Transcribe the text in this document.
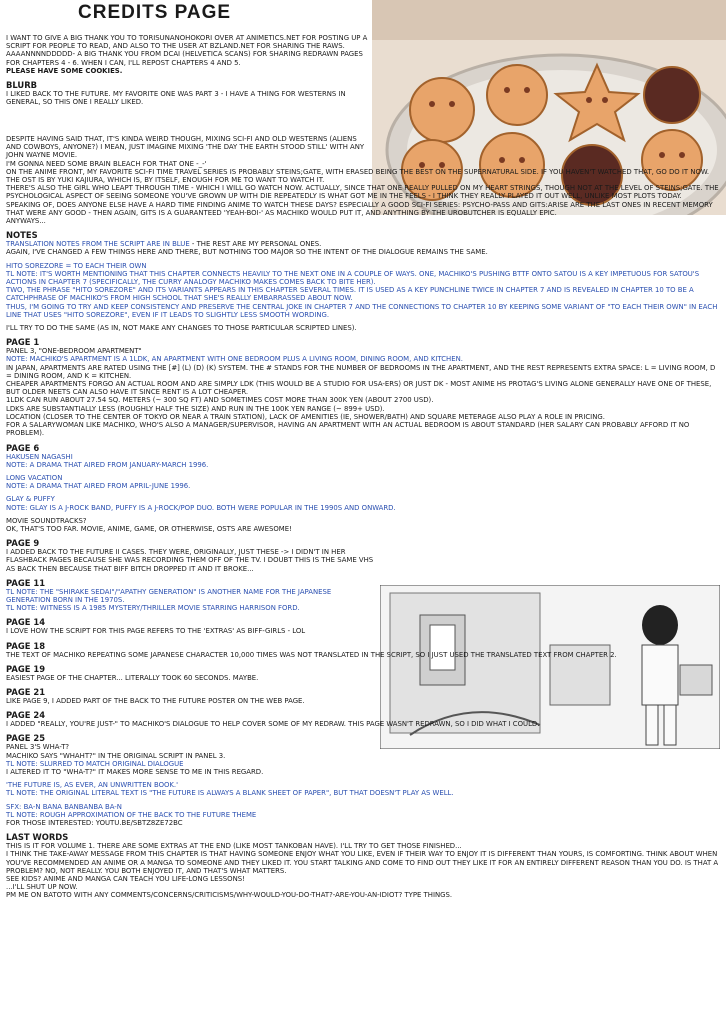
CREDITS PAGE

I WANT TO GIVE A BIG THANK YOU TO TORISUNANOHOKORI OVER AT ANIMETICS.NET FOR POSTING UP A SCRIPT FOR PEOPLE TO READ, AND ALSO TO THE USER AT BZLAND.NET FOR SHARING THE RAWS.

AAAANNNNDDDDD- A BIG THANK YOU FROM DCAI (HELVETICA SCANS) FOR SHARING REDRAWN PAGES FOR CHAPTERS 4 - 6. WHEN I CAN, I'LL REPOST CHAPTERS 4 AND 5.

PLEASE HAVE SOME COOKIES.

BLURB

I LIKED BACK TO THE FUTURE. MY FAVORITE ONE WAS PART 3 - I HAVE A THING FOR WESTERNS IN GENERAL, SO THIS ONE I REALLY LIKED.

DESPITE HAVING SAID THAT, IT'S KINDA WEIRD THOUGH, MIXING SCI-FI AND OLD WESTERNS (ALIENS AND COWBOYS, ANYONE?) I MEAN, JUST IMAGINE MIXING 'THE DAY THE EARTH STOOD STILL' WITH ANY JOHN WAYNE MOVIE.

I'M GONNA NEED SOME BRAIN BLEACH FOR THAT ONE -_-'

ON THE ANIME FRONT, MY FAVORITE SCI-FI TIME TRAVEL SERIES IS PROBABLY STEINS;GATE, WITH ERASED BEING THE BEST ON THE SUPERNATURAL SIDE. IF YOU HAVEN'T WATCHED THAT, GO DO IT NOW. THE OST IS BY YUKI KAJIURA, WHICH IS, BY ITSELF, ENOUGH FOR ME TO WANT TO WATCH IT.

THERE'S ALSO THE GIRL WHO LEAPT THROUGH TIME - WHICH I WILL GO WATCH NOW. ACTUALLY, SINCE THAT ONE REALLY PULLED ON MY HEART STRINGS, THOUGH NOT AT THE LEVEL OF STEINS;GATE. THE PSYCHOLOGICAL ASPECT OF SEEING SOMEONE YOU'VE GROWN UP WITH DIE REPEATEDLY IS WHAT GOT ME IN THE FEELS - I THINK THEY REALLY PLAYED IT OUT WELL, UNLIKE MOST PLOTS TODAY.

SPEAKING OF, DOES ANYONE ELSE HAVE A HARD TIME FINDING ANIME TO WATCH THESE DAYS? ESPECIALLY A GOOD SCI-FI SERIES: PSYCHO-PASS AND GITS:ARISE ARE THE LAST ONES IN RECENT MEMORY THAT WERE ANY GOOD - THEN AGAIN, GITS IS A GUARANTEED 'YEAH-BOI-' AS MACHIKO WOULD PUT IT, AND ANYTHING BY THE UROBUTCHER IS EQUALLY EPIC.

ANYWAYS...

NOTES

TRANSLATION NOTES FROM THE SCRIPT ARE IN BLUE - THE REST ARE MY PERSONAL ONES.

AGAIN, I'VE CHANGED A FEW THINGS HERE AND THERE, BUT NOTHING TOO MAJOR SO THE INTENT OF THE DIALOGUE REMAINS THE SAME.

HITO SOREZORE = TO EACH THEIR OWN

TL NOTE: IT'S WORTH MENTIONING THAT THIS CHAPTER CONNECTS HEAVILY TO THE NEXT ONE IN A COUPLE OF WAYS. ONE, MACHIKO'S PUSHING BTTF ONTO SATOU IS A KEY IMPETUOUS FOR SATOU'S ACTIONS IN CHAPTER 7 (SPECIFICALLY, THE CURRY ANALOGY MACHIKO MAKES COMES BACK TO BITE HER).

TWO, THE PHRASE "HITO SOREZORE" AND ITS VARIANTS APPEARS IN THIS CHAPTER SEVERAL TIMES. IT IS USED AS A KEY PUNCHLINE TWICE IN CHAPTER 7 AND IS REVEALED IN CHAPTER 10 TO BE A CATCHPHRASE OF MACHIKO'S FROM HIGH SCHOOL THAT SHE'S REALLY EMBARRASSED ABOUT NOW.

THUS, I'M GOING TO TRY AND KEEP CONSISTENCY AND PRESERVE THE CENTRAL JOKE IN CHAPTER 7 AND THE CONNECTIONS TO CHAPTER 10 BY KEEPING SOME VARIANT OF "TO EACH THEIR OWN" IN EACH LINE THAT USES "HITO SOREZORE", EVEN IF IT LEADS TO SLIGHTLY LESS SMOOTH WORDING.

I'LL TRY TO DO THE SAME (AS IN, NOT MAKE ANY CHANGES TO THOSE PARTICULAR SCRIPTED LINES).

PAGE 1

PANEL 3, "ONE-BEDROOM APARTMENT"

NOTE: MACHIKO'S APARTMENT IS A 1LDK, AN APARTMENT WITH ONE BEDROOM PLUS A LIVING ROOM, DINING ROOM, AND KITCHEN.

IN JAPAN, APARTMENTS ARE RATED USING THE [#] (L) (D) (K) SYSTEM. THE # STANDS FOR THE NUMBER OF BEDROOMS IN THE APARTMENT, AND THE REST REPRESENTS EXTRA SPACE: L = LIVING ROOM, D = DINING ROOM, AND K = KITCHEN.

CHEAPER APARTMENTS FORGO AN ACTUAL ROOM AND ARE SIMPLY LDK (THIS WOULD BE A STUDIO FOR USA-ERS) OR JUST DK - MOST ANIME HS PROTAG'S LIVING ALONE GENERALLY HAVE ONE OF THESE, BUT OLDER NEETS CAN ALSO HAVE IT SINCE RENT IS A LOT CHEAPER.

1LDK CAN RUN ABOUT 27.54 SQ. METERS (~ 300 SQ FT) AND SOMETIMES COST MORE THAN 300K YEN (ABOUT 2700 USD).

LDKS ARE SUBSTANTIALLY LESS (ROUGHLY HALF THE SIZE) AND RUN IN THE 100K YEN RANGE (~ 899+ USD).

LOCATION (CLOSER TO THE CENTER OF TOKYO OR NEAR A TRAIN STATION), LACK OF AMENITIES (IE, SHOWER/BATH) AND SQUARE METERAGE ALSO PLAY A ROLE IN PRICING.

FOR A SALARYWOMAN LIKE MACHIKO, WHO'S ALSO A MANAGER/SUPERVISOR, HAVING AN APARTMENT WITH AN ACTUAL BEDROOM IS ABOUT STANDARD (HER SALARY CAN PROBABLY AFFORD IT NO PROBLEM).

PAGE 6

HAKUSEN NAGASHI

NOTE: A DRAMA THAT AIRED FROM JANUARY-MARCH 1996.

LONG VACATION

NOTE: A DRAMA THAT AIRED FROM APRIL-JUNE 1996.

GLAY & PUFFY

NOTE: GLAY IS A J-ROCK BAND, PUFFY IS A J-ROCK/POP DUO. BOTH WERE POPULAR IN THE 1990S AND ONWARD.

MOVIE SOUNDTRACKS?

OK, THAT'S TOO FAR. MOVIE, ANIME, GAME, OR OTHERWISE, OSTS ARE AWESOME!

PAGE 9

I ADDED BACK TO THE FUTURE II CASES. THEY WERE, ORIGINALLY, JUST THESE -> I DIDN'T IN HER FLASHBACK PAGES BECAUSE SHE WAS RECORDING THEM OFF OF THE TV. I DOUBT THIS IS THE SAME VHS AS BACK THEN BECAUSE THAT BIFF BITCH DROPPED IT AND IT BROKE...

PAGE 11

TL NOTE: THE "SHIRAKE SEDAI"/"APATHY GENERATION" IS ANOTHER NAME FOR THE JAPANESE GENERATION BORN IN THE 1970S.

TL NOTE: WITNESS IS A 1985 MYSTERY/THRILLER MOVIE STARRING HARRISON FORD.

PAGE 14

I LOVE HOW THE SCRIPT FOR THIS PAGE REFERS TO THE 'EXTRAS' AS BIFF-GIRLS - LOL

PAGE 18

THE TEXT OF MACHIKO REPEATING SOME JAPANESE CHARACTER 10,000 TIMES WAS NOT TRANSLATED IN THE SCRIPT, SO I JUST USED THE TRANSLATED TEXT FROM CHAPTER 2.

PAGE 19

EASIEST PAGE OF THE CHAPTER... LITERALLY TOOK 60 SECONDS. MAYBE.

PAGE 21

LIKE PAGE 9, I ADDED PART OF THE BACK TO THE FUTURE POSTER ON THE WEB PAGE.

PAGE 24

I ADDED "REALLY, YOU'RE JUST-" TO MACHIKO'S DIALOGUE TO HELP COVER SOME OF MY REDRAW. THIS PAGE WASN'T REDRAWN, SO I DID WHAT I COULD.

PAGE 25

PANEL 3'S WHA-T?

MACHIKO SAYS "WHAHT?" IN THE ORIGINAL SCRIPT IN PANEL 3.

TL NOTE: SLURRED TO MATCH ORIGINAL DIALOGUE

I ALTERED IT TO "WHA-T?" IT MAKES MORE SENSE TO ME IN THIS REGARD.

'THE FUTURE IS, AS EVER, AN UNWRITTEN BOOK.'

TL NOTE: THE ORIGINAL LITERAL TEXT IS "THE FUTURE IS ALWAYS A BLANK SHEET OF PAPER", BUT THAT DOESN'T PLAY AS WELL.

SFX: BA-N BANA BANBANBA BA-N

TL NOTE: ROUGH APPROXIMATION OF THE BACK TO THE FUTURE THEME

FOR THOSE INTERESTED: YOUTU.BE/SBTZ8ZE72BC

LAST WORDS

THIS IS IT FOR VOLUME 1. THERE ARE SOME EXTRAS AT THE END (LIKE MOST TANKOBAN HAVE). I'LL TRY TO GET THOSE FINISHED...

I THINK THE TAKE-AWAY MESSAGE FROM THIS CHAPTER IS THAT HAVING SOMEONE ENJOY WHAT YOU LIKE, EVEN IF THEIR WAY TO ENJOY IT IS DIFFERENT THAN YOURS, IS COMFORTING. THINK ABOUT WHEN YOU'VE RECOMMENDED AN ANIME OR A MANGA TO SOMEONE AND THEY LIKED IT. YOU START TALKING AND COME TO FIND OUT THEY LIKE IT FOR AN ENTIRELY DIFFERENT REASON THAN YOU DO. IS THAT A PROBLEM? NO, NOT REALLY. YOU BOTH ENJOYED IT, AND THAT'S WHAT MATTERS.

SEE KIDS? ANIME AND MANGA CAN TEACH YOU LIFE-LONG LESSONS!

...I'LL SHUT UP NOW.

PM ME ON BATOTO WITH ANY COMMENTS/CONCERNS/CRITICISMS/WHY-WOULD-YOU-DO-THAT?-ARE-YOU-AN-IDIOT? TYPE THINGS.
